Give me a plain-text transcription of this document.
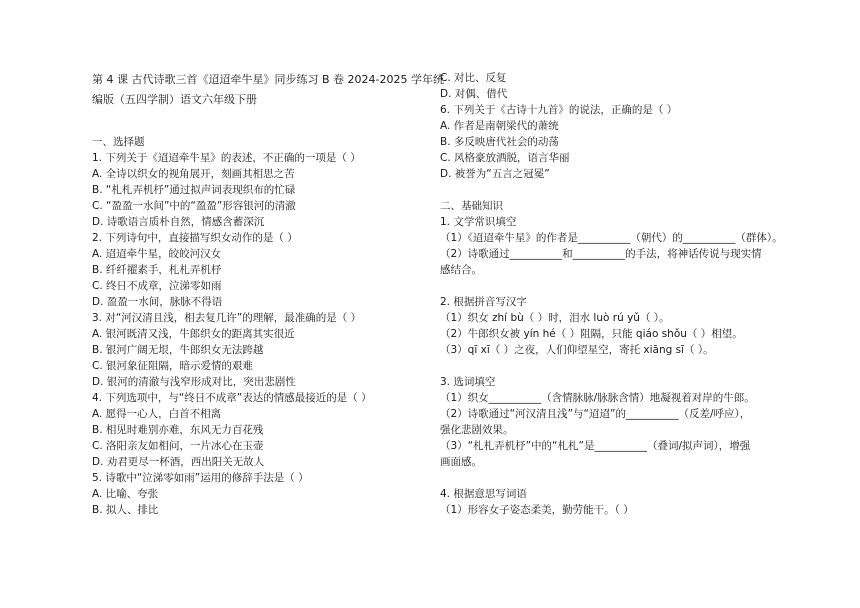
第 4 课 古代诗歌三首《迢迢牵牛星》同步练习 B 卷 2024-2025 学年统
编版（五四学制）语文六年级下册
一、选择题
1. 下列关于《迢迢牵牛星》的表述，不正确的一项是（ ）
A. 全诗以织女的视角展开，刻画其相思之苦
B. “札札弄机杼”通过拟声词表现织布的忙碌
C. “盈盈一水间”中的“盈盈”形容银河的清澈
D. 诗歌语言质朴自然，情感含蓄深沉
2. 下列诗句中，直接描写织女动作的是（ ）
A. 迢迢牵牛星，皎皎河汉女
B. 纤纤擢素手，札札弄机杼
C. 终日不成章，泣涕零如雨
D. 盈盈一水间，脉脉不得语
3. 对“河汉清且浅，相去复几许”的理解，最准确的是（ ）
A. 银河既清又浅，牛郎织女的距离其实很近
B. 银河广阔无垠，牛郎织女无法跨越
C. 银河象征阻隔，暗示爱情的艰难
D. 银河的清澈与浅窄形成对比，突出悲剧性
4. 下列选项中，与“终日不成章”表达的情感最接近的是（ ）
A. 愿得一心人，白首不相离
B. 相见时难别亦难，东风无力百花残
C. 洛阳亲友如相问，一片冰心在玉壶
D. 劝君更尽一杯酒，西出阳关无故人
5. 诗歌中“泣涕零如雨”运用的修辞手法是（ ）
A. 比喻、夸张
B. 拟人、排比
C. 对比、反复
D. 对偶、借代
6. 下列关于《古诗十九首》的说法，正确的是（ ）
A. 作者是南朝梁代的萧统
B. 多反映唐代社会的动荡
C. 风格豪放洒脱，语言华丽
D. 被誉为“五言之冠冕”
二、基础知识
1. 文学常识填空
（1）《迢迢牵牛星》的作者是__________（朝代）的__________（群体）。
（2）诗歌通过__________和__________的手法，将神话传说与现实情
感结合。
2. 根据拼音写汉字
（1）织女 zhí bù（ ）时，泪水 luò rú yǔ（ ）。
（2）牛郎织女被 yín hé（ ）阻隔，只能 qiáo shǒu（ ）相望。
（3）qī xī（ ）之夜，人们仰望星空，寄托 xiāng sī（ ）。
3. 选词填空
（1）织女__________（含情脉脉/脉脉含情）地凝视着对岸的牛郎。
（2）诗歌通过“河汉清且浅”与“迢迢”的__________（反差/呼应），
强化悲剧效果。
（3）“札札弄机杼”中的“札札”是__________（叠词/拟声词），增强
画面感。
4. 根据意思写词语
（1）形容女子姿态柔美，勤劳能干。（ ）
